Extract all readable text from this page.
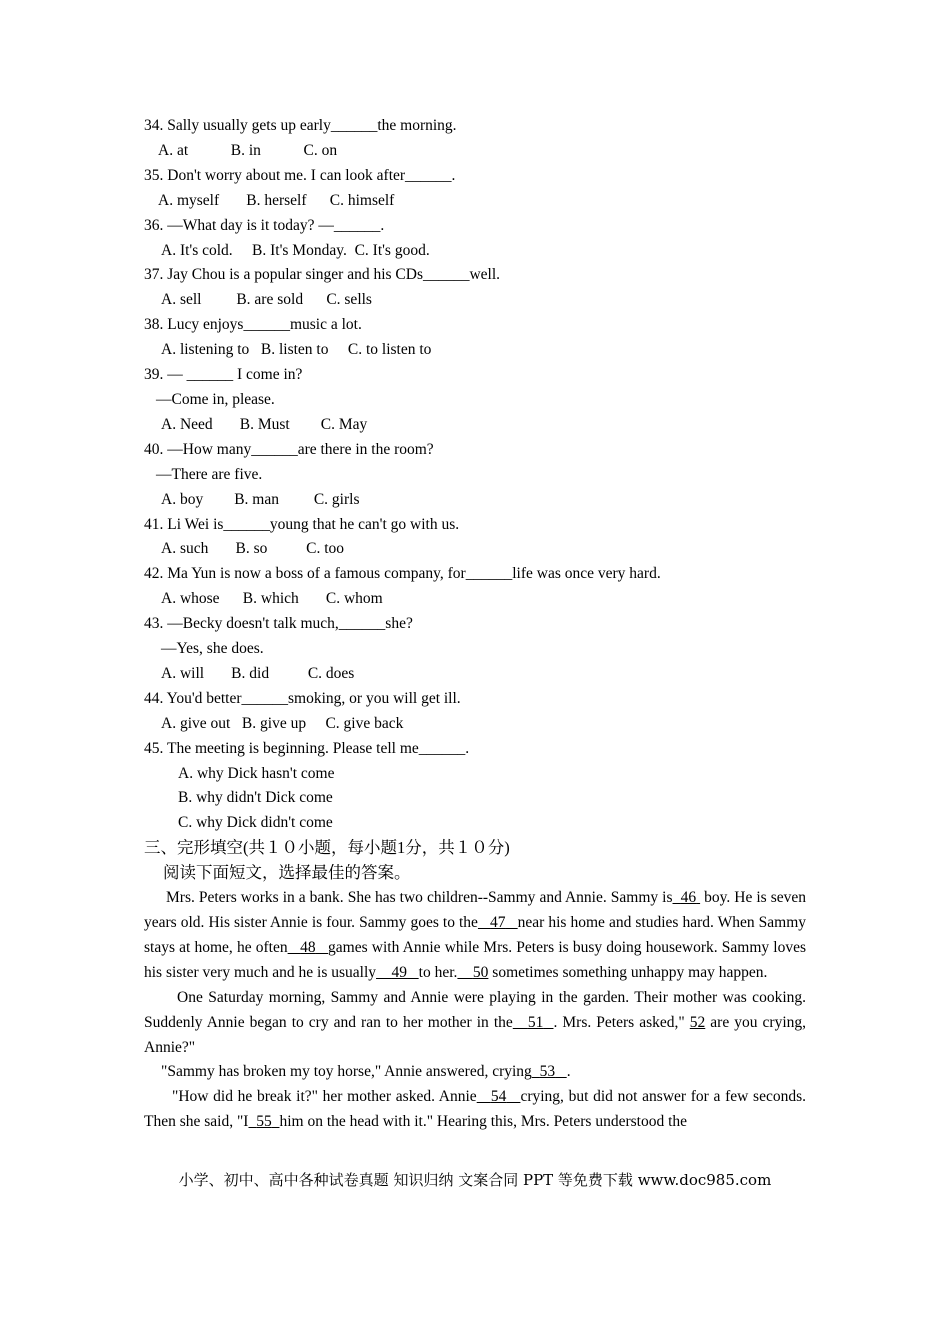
34. Sally usually gets up early______the morning.
A. at           B. in           C. on
35. Don't worry about me. I can look after______.
A. myself       B. herself      C. himself
36. —What day is it today? —______.
A. It's cold.     B. It's Monday.  C. It's good.
37. Jay Chou is a popular singer and his CDs______well.
A. sell         B. are sold      C. sells
38. Lucy enjoys______music a lot.
A. listening to   B. listen to     C. to listen to
39. — ______ I come in?
—Come in, please.
A. Need       B. Must        C. May
40. —How many______are there in the room?
—There are five.
A. boy        B. man         C. girls
41. Li Wei is______young that he can't go with us.
A. such       B. so          C. too
42. Ma Yun is now a boss of a famous company, for______life was once very hard.
A. whose      B. which       C. whom
43. —Becky doesn't talk much,______she?
—Yes, she does.
A. will       B. did          C. does
44. You'd better______smoking, or you will get ill.
A. give out   B. give up     C. give back
45. The meeting is beginning. Please tell me______.
A. why Dick hasn't come
B. why didn't Dick come
C. why Dick didn't come
三、完形填空(共１０小题，每小题1分，共１０分)
阅读下面短文，选择最佳的答案。
Mrs. Peters works in a bank. She has two children--Sammy and Annie. Sammy is 46  boy. He is seven years old. His sister Annie is four. Sammy goes to the 47 near his home and studies hard. When Sammy stays at home, he often 48 games with Annie while Mrs. Peters is busy doing housework. Sammy loves his sister very much and he is usually 49 to her. 50 sometimes something unhappy may happen.
One Saturday morning, Sammy and Annie were playing in the garden. Their mother was cooking. Suddenly Annie began to cry and ran to her mother in the 51 . Mrs. Peters asked," 52 are you crying, Annie?"
"Sammy has broken my toy horse," Annie answered, crying 53 .
"How did he break it?" her mother asked. Annie 54 crying, but did not answer for a few seconds. Then she said, "I 55 him on the head with it." Hearing this, Mrs. Peters understood the
小学、初中、高中各种试卷真题 知识归纳 文案合同 PPT 等免费下载 www.doc985.com
